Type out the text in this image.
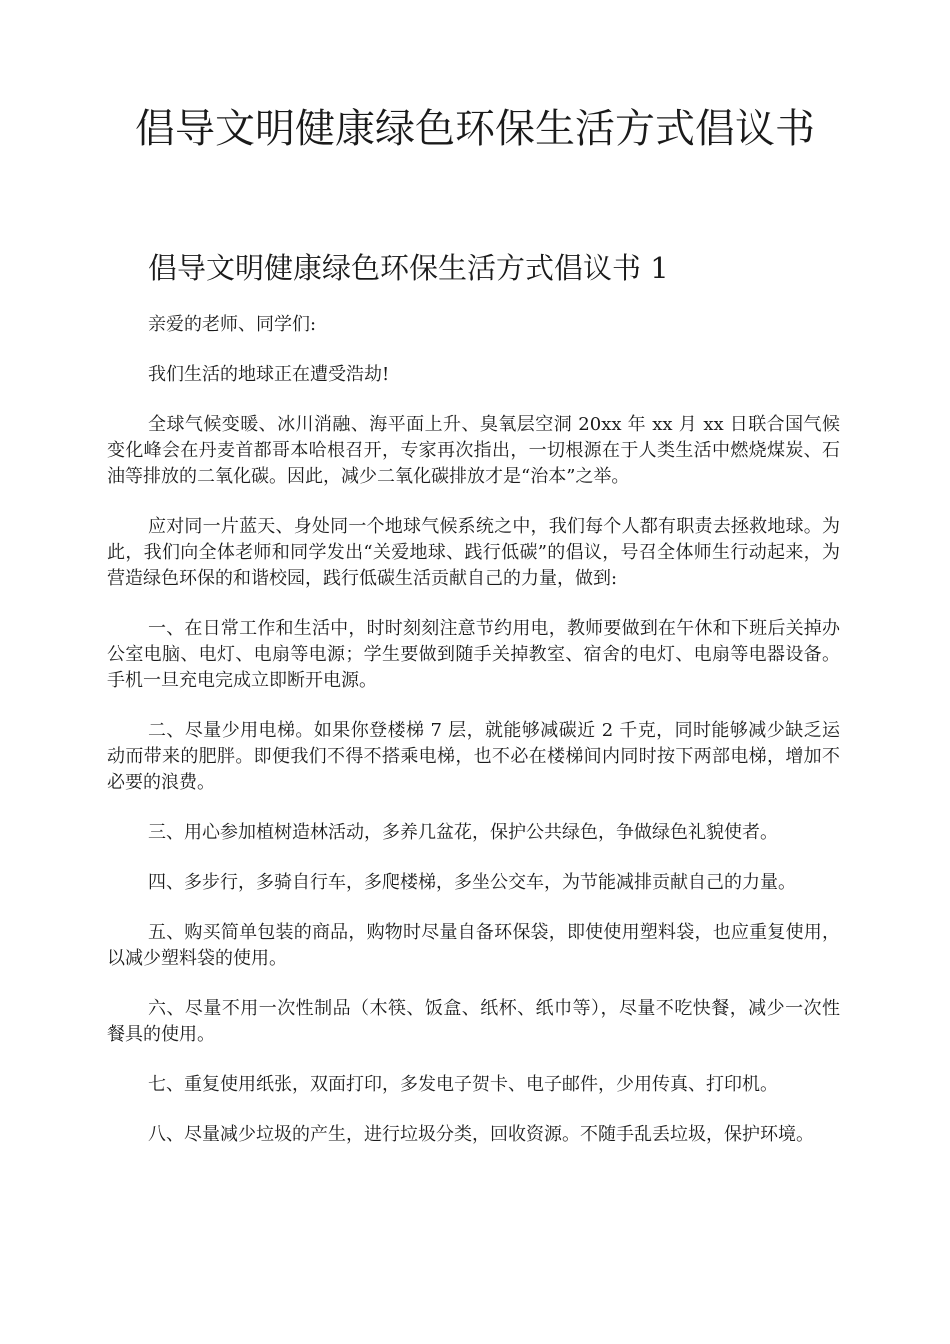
倡导文明健康绿色环保生活方式倡议书
倡导文明健康绿色环保生活方式倡议书 1

亲爱的老师、同学们:

我们生活的地球正在遭受浩劫!

全球气候变暖、冰川消融、海平面上升、臭氧层空洞 20xx 年 xx 月 xx 日联合国气候变化峰会在丹麦首都哥本哈根召开，专家再次指出，一切根源在于人类生活中燃烧煤炭、石油等排放的二氧化碳。因此，减少二氧化碳排放才是“治本”之举。

应对同一片蓝天、身处同一个地球气候系统之中，我们每个人都有职责去拯救地球。为此，我们向全体老师和同学发出“关爱地球、践行低碳”的倡议，号召全体师生行动起来，为营造绿色环保的和谐校园，践行低碳生活贡献自己的力量，做到:

一、在日常工作和生活中，时时刻刻注意节约用电，教师要做到在午休和下班后关掉办公室电脑、电灯、电扇等电源；学生要做到随手关掉教室、宿舍的电灯、电扇等电器设备。手机一旦充电完成立即断开电源。

二、尽量少用电梯。如果你登楼梯 7 层，就能够减碳近 2 千克，同时能够减少缺乏运动而带来的肥胖。即便我们不得不搭乘电梯，也不必在楼梯间内同时按下两部电梯，增加不必要的浪费。

三、用心参加植树造林活动，多养几盆花，保护公共绿色，争做绿色礼貌使者。

四、多步行，多骑自行车，多爬楼梯，多坐公交车，为节能减排贡献自己的力量。

五、购买简单包装的商品，购物时尽量自备环保袋，即使使用塑料袋，也应重复使用，以减少塑料袋的使用。

六、尽量不用一次性制品（木筷、饭盒、纸杯、纸巾等），尽量不吃快餐，减少一次性餐具的使用。

七、重复使用纸张，双面打印，多发电子贺卡、电子邮件，少用传真、打印机。

八、尽量减少垃圾的产生，进行垃圾分类，回收资源。不随手乱丢垃圾，保护环境。
